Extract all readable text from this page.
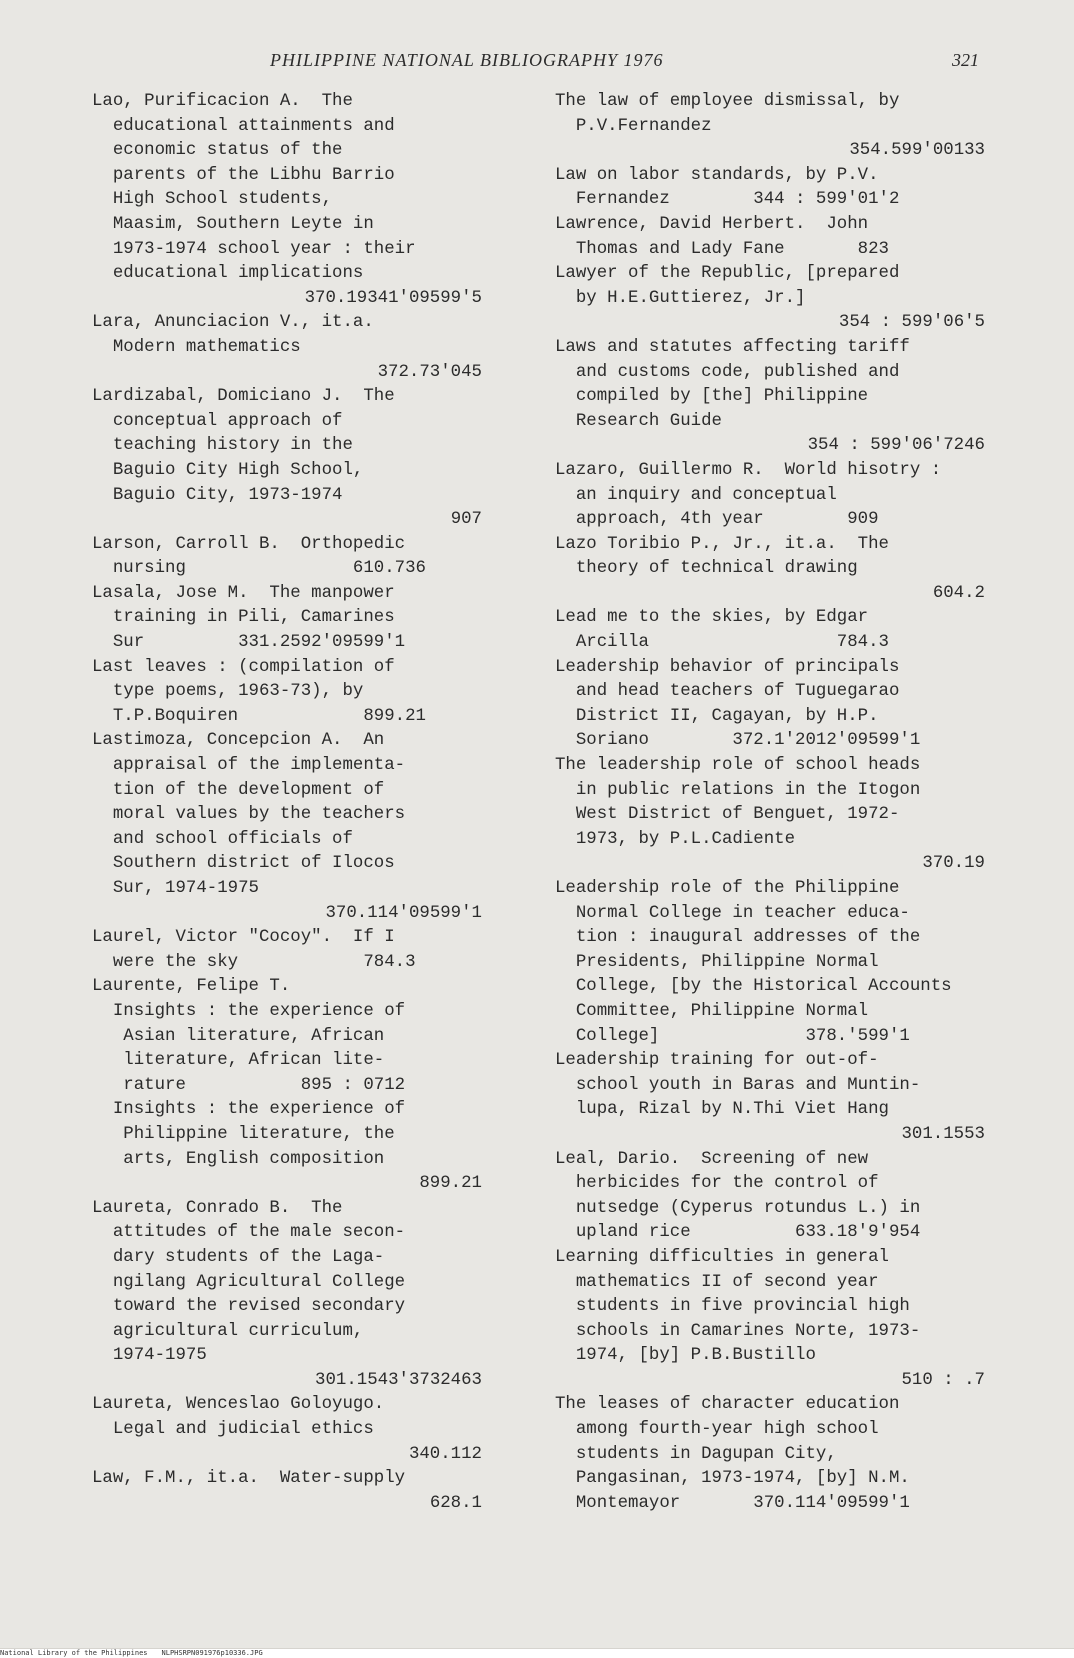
PHILIPPINE NATIONAL BIBLIOGRAPHY 1976	321
Lao, Purificacion A.  The
educational attainments and
economic status of the
parents of the Libhu Barrio
High School students,
Maasim, Southern Leyte in
1973-1974 school year : their
educational implications
370.19341'09599'5
Lara, Anunciacion V., it.a.
Modern mathematics
372.73'045
Lardizabal, Domiciano J.  The
conceptual approach of
teaching history in the
Baguio City High School,
Baguio City, 1973-1974
907
Larson, Carroll B.  Orthopedic
nursing                610.736
Lasala, Jose M.  The manpower
training in Pili, Camarines
Sur         331.2592'09599'1
Last leaves : (compilation of
type poems, 1963-73), by
T.P.Boquiren            899.21
Lastimoza, Concepcion A.  An
appraisal of the implementa-
tion of the development of
moral values by the teachers
and school officials of
Southern district of Ilocos
Sur, 1974-1975
370.114'09599'1
Laurel, Victor "Cocoy".  If I
were the sky            784.3
Laurente, Felipe T.
Insights : the experience of
Asian literature, African
literature, African lite-
rature           895 : 0712
Insights : the experience of
Philippine literature, the
arts, English composition
899.21
Laureta, Conrado B.  The
attitudes of the male secon-
dary students of the Laga-
ngilang Agricultural College
toward the revised secondary
agricultural curriculum,
1974-1975
301.1543'3732463
Laureta, Wenceslao Goloyugo.
Legal and judicial ethics
340.112
Law, F.M., it.a.  Water-supply
628.1
The law of employee dismissal, by
P.V.Fernandez
354.599'00133
Law on labor standards, by P.V.
Fernandez        344 : 599'01'2
Lawrence, David Herbert.  John
Thomas and Lady Fane       823
Lawyer of the Republic, [prepared
by H.E.Guttierez, Jr.]
354 : 599'06'5
Laws and statutes affecting tariff
and customs code, published and
compiled by [the] Philippine
Research Guide
354 : 599'06'7246
Lazaro, Guillermo R.  World hisotry :
an inquiry and conceptual
approach, 4th year        909
Lazo Toribio P., Jr., it.a.  The
theory of technical drawing
604.2
Lead me to the skies, by Edgar
Arcilla                  784.3
Leadership behavior of principals
and head teachers of Tuguegarao
District II, Cagayan, by H.P.
Soriano        372.1'2012'09599'1
The leadership role of school heads
in public relations in the Itogon
West District of Benguet, 1972-
1973, by P.L.Cadiente
370.19
Leadership role of the Philippine
Normal College in teacher educa-
tion : inaugural addresses of the
Presidents, Philippine Normal
College, [by the Historical Accounts
Committee, Philippine Normal
College]              378.'599'1
Leadership training for out-of-
school youth in Baras and Muntin-
lupa, Rizal by N.Thi Viet Hang
301.1553
Leal, Dario.  Screening of new
herbicides for the control of
nutsedge (Cyperus rotundus L.) in
upland rice          633.18'9'954
Learning difficulties in general
mathematics II of second year
students in five provincial high
schools in Camarines Norte, 1973-
1974, [by] P.B.Bustillo
510 : .7
The leases of character education
among fourth-year high school
students in Dagupan City,
Pangasinan, 1973-1974, [by] N.M.
Montemayor       370.114'09599'1
National Library of the Philippines NLPHSRPN091976p10336.JPG
